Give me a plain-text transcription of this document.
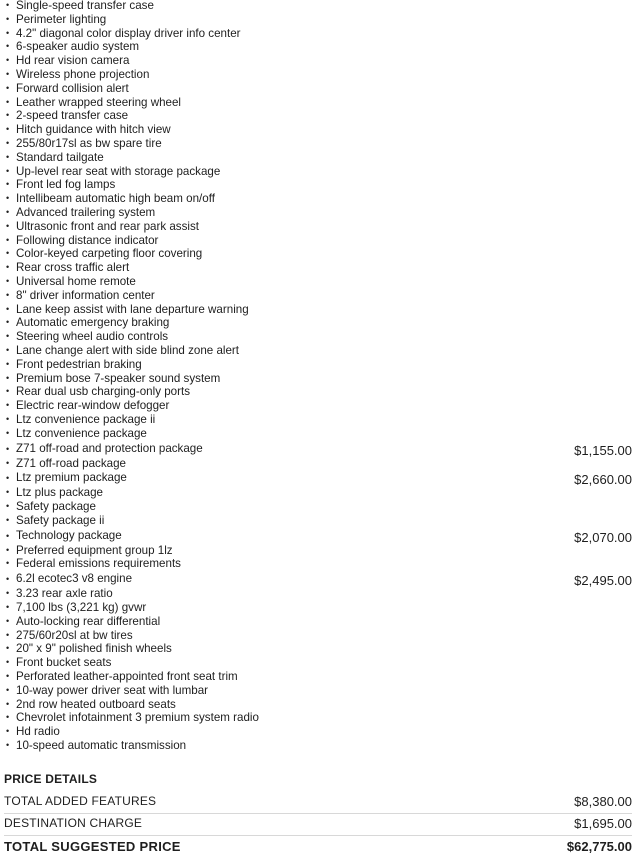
• Single-speed transfer case
• Perimeter lighting
• 4.2" diagonal color display driver info center
• 6-speaker audio system
• Hd rear vision camera
• Wireless phone projection
• Forward collision alert
• Leather wrapped steering wheel
• 2-speed transfer case
• Hitch guidance with hitch view
• 255/80r17sl as bw spare tire
• Standard tailgate
• Up-level rear seat with storage package
• Front led fog lamps
• Intellibeam automatic high beam on/off
• Advanced trailering system
• Ultrasonic front and rear park assist
• Following distance indicator
• Color-keyed carpeting floor covering
• Rear cross traffic alert
• Universal home remote
• 8" driver information center
• Lane keep assist with lane departure warning
• Automatic emergency braking
• Steering wheel audio controls
• Lane change alert with side blind zone alert
• Front pedestrian braking
• Premium bose 7-speaker sound system
• Rear dual usb charging-only ports
• Electric rear-window defogger
• Ltz convenience package ii
• Ltz convenience package
• Z71 off-road and protection package	$1,155.00
• Z71 off-road package
• Ltz premium package	$2,660.00
• Ltz plus package
• Safety package
• Safety package ii
• Technology package	$2,070.00
• Preferred equipment group 1lz
• Federal emissions requirements
• 6.2l ecotec3 v8 engine	$2,495.00
• 3.23 rear axle ratio
• 7,100 lbs (3,221 kg) gvwr
• Auto-locking rear differential
• 275/60r20sl at bw tires
• 20" x 9" polished finish wheels
• Front bucket seats
• Perforated leather-appointed front seat trim
• 10-way power driver seat with lumbar
• 2nd row heated outboard seats
• Chevrolet infotainment 3 premium system radio
• Hd radio
• 10-speed automatic transmission
PRICE DETAILS
TOTAL ADDED FEATURES	$8,380.00
DESTINATION CHARGE	$1,695.00
TOTAL SUGGESTED PRICE	$62,775.00
